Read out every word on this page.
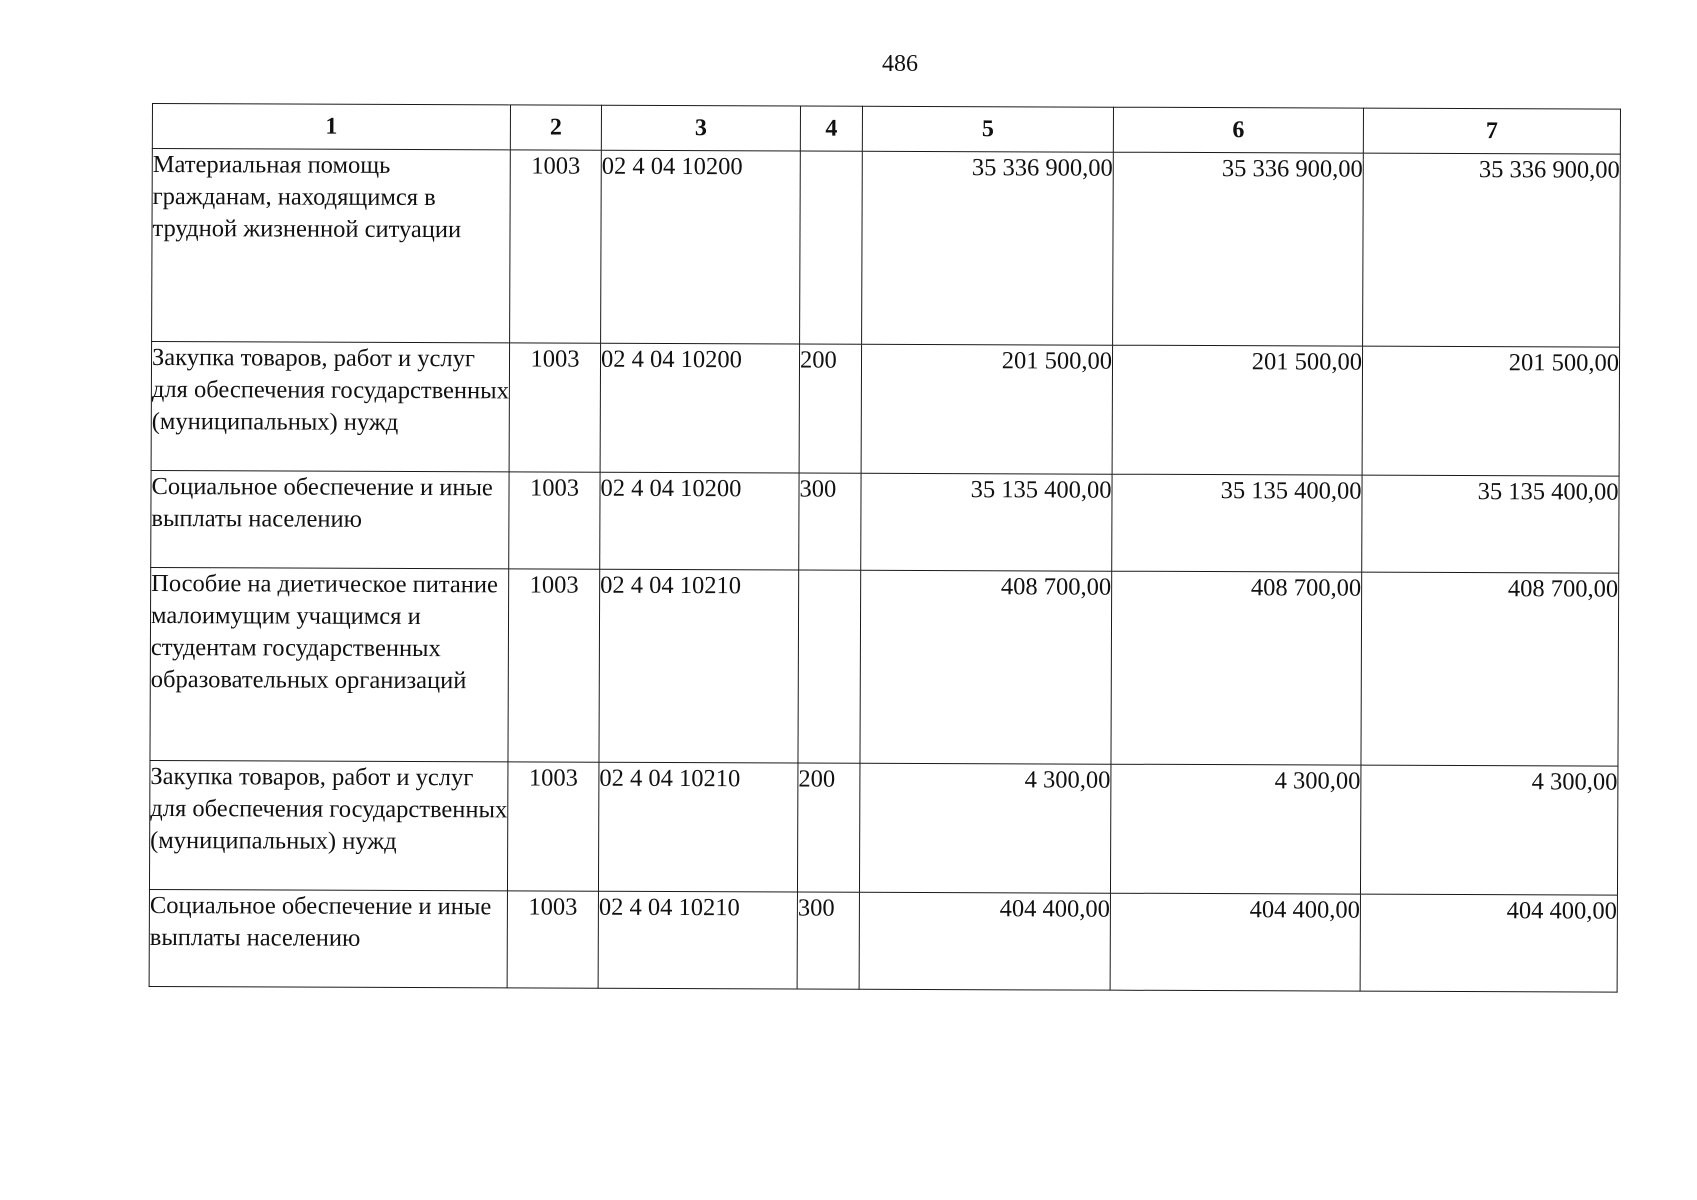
486
1	2	3	4	5	6	7
Материальная помощь гражданам, находящимся в трудной жизненной ситуации	1003	02 4 04 10200		35 336 900,00	35 336 900,00	35 336 900,00
Закупка товаров, работ и услуг для обеспечения государственных (муниципальных) нужд	1003	02 4 04 10200	200	201 500,00	201 500,00	201 500,00
Социальное обеспечение и иные выплаты населению	1003	02 4 04 10200	300	35 135 400,00	35 135 400,00	35 135 400,00
Пособие на диетическое питание малоимущим учащимся и студентам государственных образовательных организаций	1003	02 4 04 10210		408 700,00	408 700,00	408 700,00
Закупка товаров, работ и услуг для обеспечения государственных (муниципальных) нужд	1003	02 4 04 10210	200	4 300,00	4 300,00	4 300,00
Социальное обеспечение и иные выплаты населению	1003	02 4 04 10210	300	404 400,00	404 400,00	404 400,00
